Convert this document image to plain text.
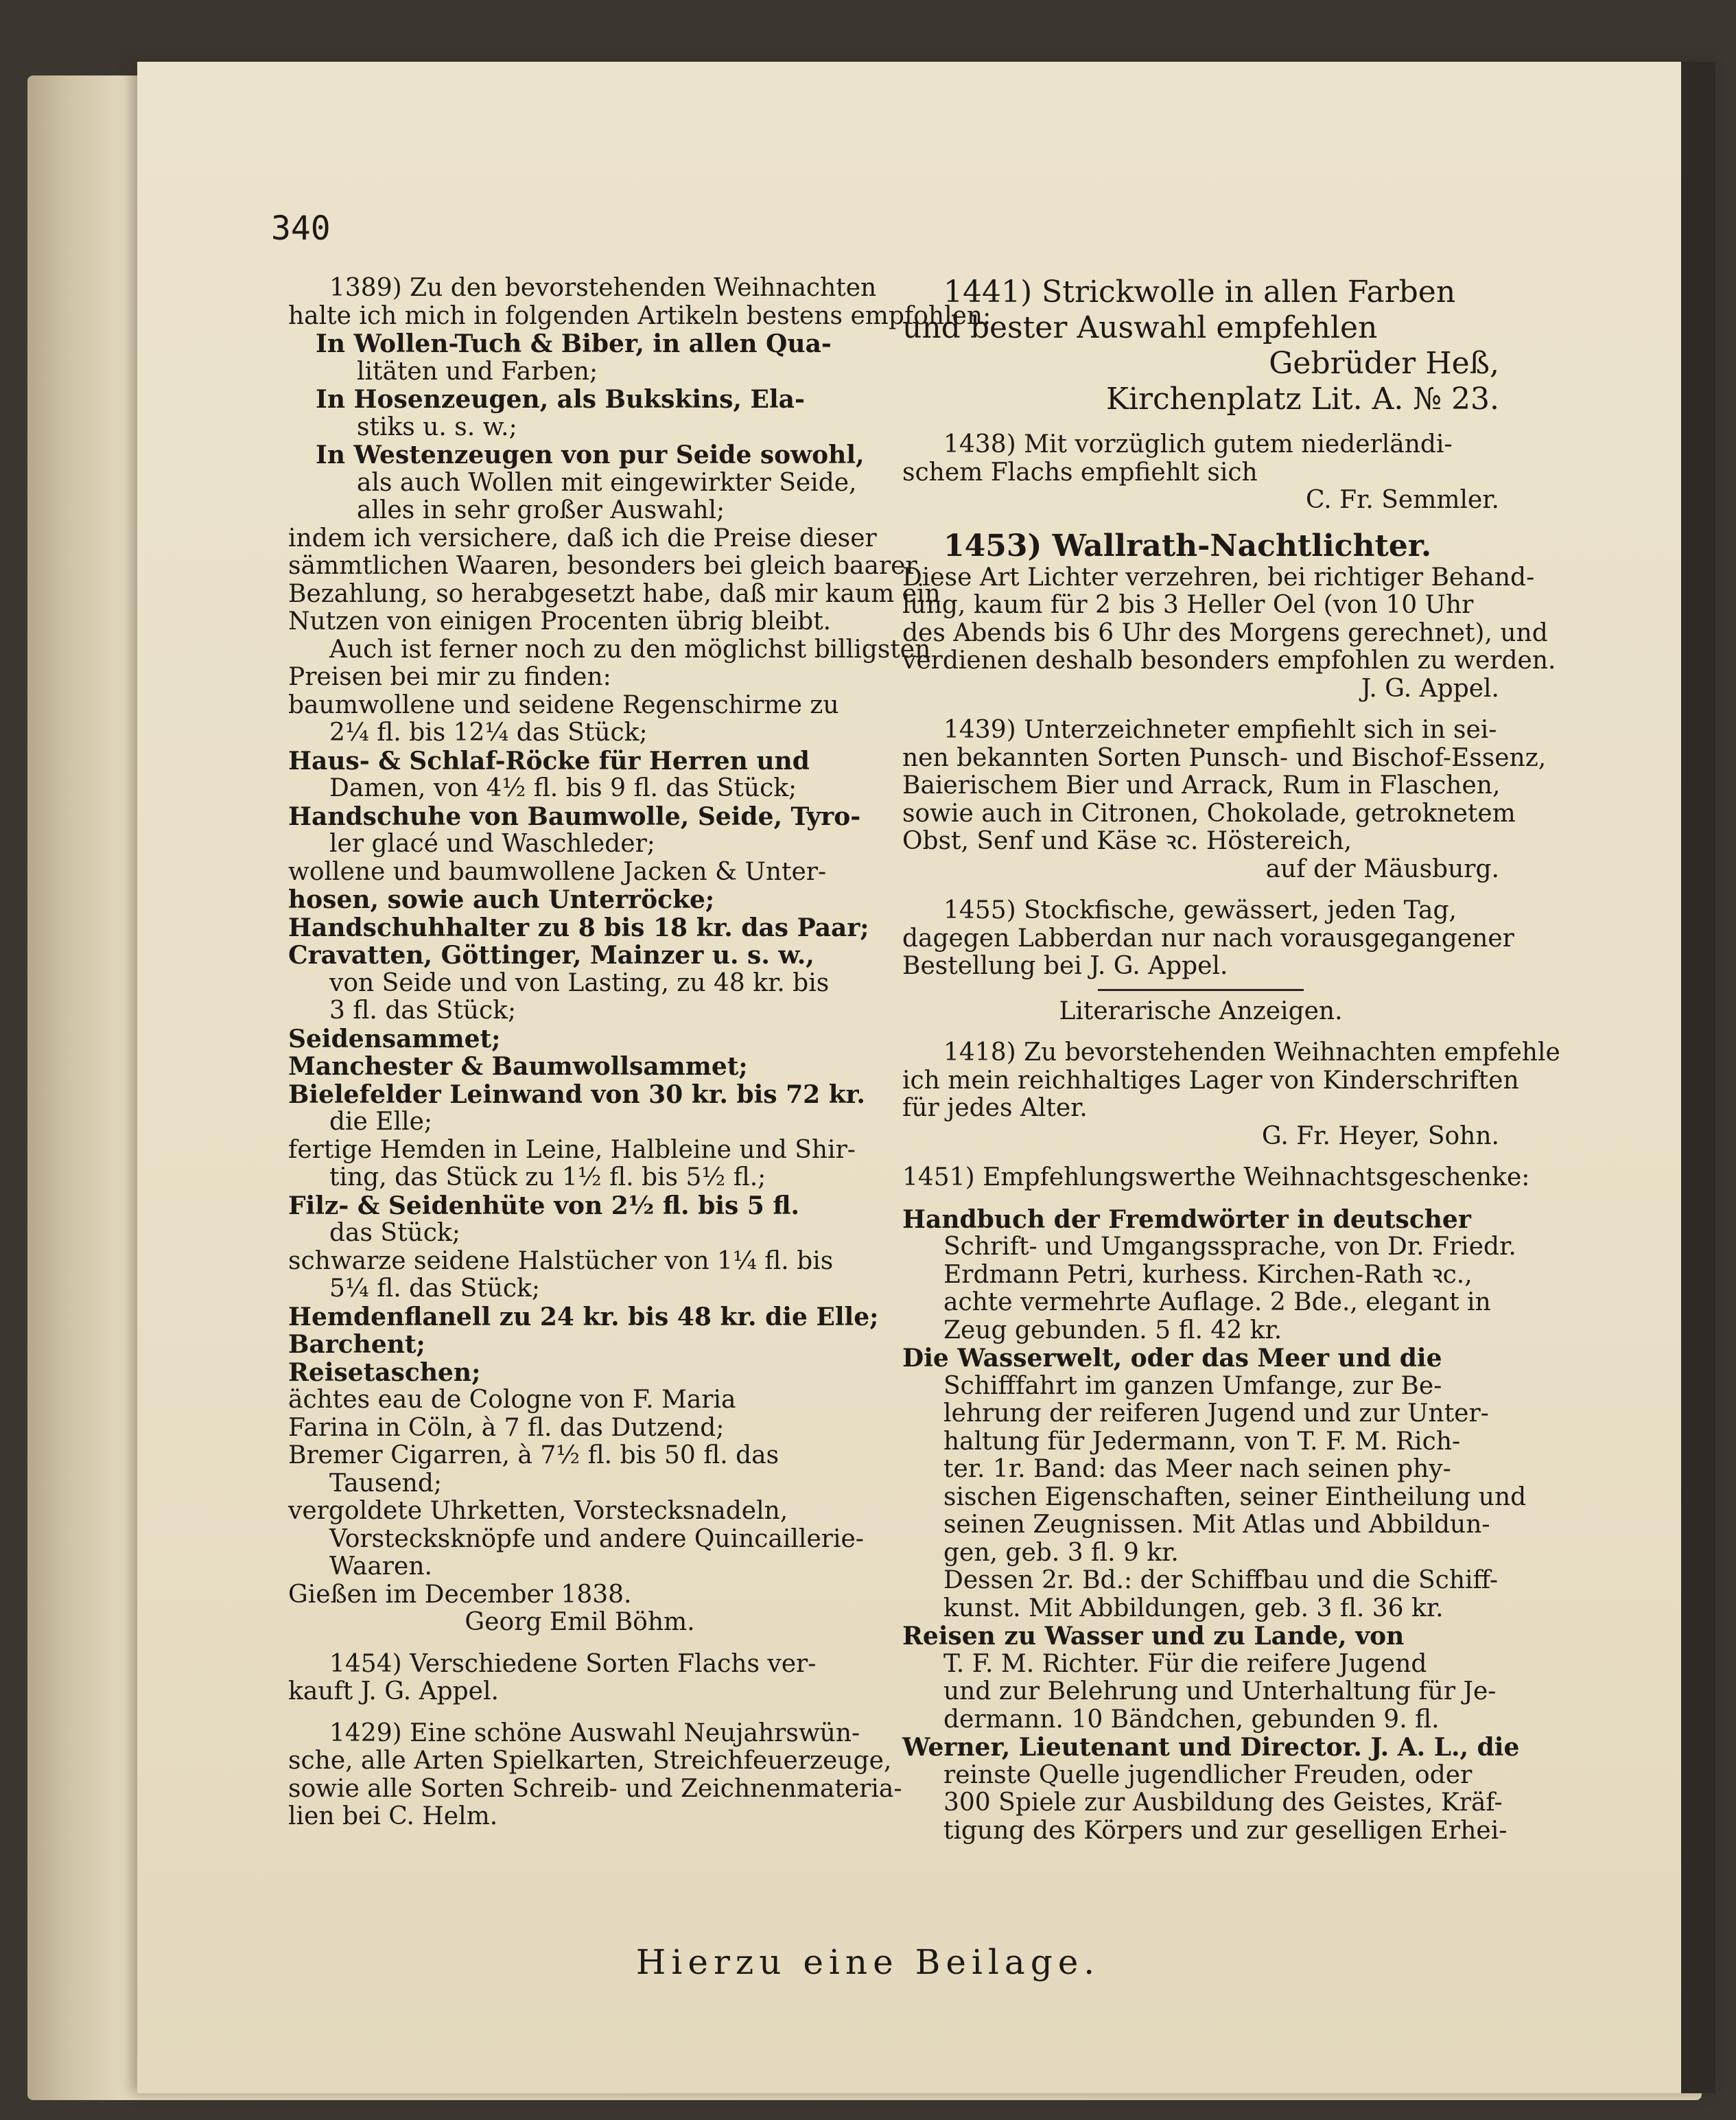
340
1389) Zu den bevorstehenden Weihnachten
halte ich mich in folgenden Artikeln bestens empfohlen:
In Wollen-Tuch & Biber, in allen Qua-
litäten und Farben;
In Hosenzeugen, als Bukskins, Ela-
stiks u. s. w.;
In Westenzeugen von pur Seide sowohl,
als auch Wollen mit eingewirkter Seide,
alles in sehr großer Auswahl;
indem ich versichere, daß ich die Preise dieser
sämmtlichen Waaren, besonders bei gleich baarer
Bezahlung, so herabgesetzt habe, daß mir kaum ein
Nutzen von einigen Procenten übrig bleibt.
Auch ist ferner noch zu den möglichst billigsten
Preisen bei mir zu finden:
baumwollene und seidene Regenschirme zu
2¼ fl. bis 12¼ das Stück;
Haus- & Schlaf-Röcke für Herren und
Damen, von 4½ fl. bis 9 fl. das Stück;
Handschuhe von Baumwolle, Seide, Tyro-
ler glacé und Waschleder;
wollene und baumwollene Jacken & Unter-
hosen, sowie auch Unterröcke;
Handschuhhalter zu 8 bis 18 kr. das Paar;
Cravatten, Göttinger, Mainzer u. s. w.,
von Seide und von Lasting, zu 48 kr. bis
3 fl. das Stück;
Seidensammet;
Manchester & Baumwollsammet;
Bielefelder Leinwand von 30 kr. bis 72 kr.
die Elle;
fertige Hemden in Leine, Halbleine und Shir-
ting, das Stück zu 1½ fl. bis 5½ fl.;
Filz- & Seidenhüte von 2½ fl. bis 5 fl.
das Stück;
schwarze seidene Halstücher von 1¼ fl. bis
5¼ fl. das Stück;
Hemdenflanell zu 24 kr. bis 48 kr. die Elle;
Barchent;
Reisetaschen;
ächtes eau de Cologne von F. Maria
Farina in Cöln, à 7 fl. das Dutzend;
Bremer Cigarren, à 7½ fl. bis 50 fl. das
Tausend;
vergoldete Uhrketten, Vorstecksnadeln,
Vorstecksknöpfe und andere Quincaillerie-
Waaren.
Gießen im December 1838.
Georg Emil Böhm.
1454) Verschiedene Sorten Flachs ver-
kauft J. G. Appel.
1429) Eine schöne Auswahl Neujahrswün-
sche, alle Arten Spielkarten, Streichfeuerzeuge,
sowie alle Sorten Schreib- und Zeichnenmateria-
lien bei C. Helm.
1441) Strickwolle in allen Farben
und bester Auswahl empfehlen
Gebrüder Heß,
Kirchenplatz Lit. A. № 23.
1438) Mit vorzüglich gutem niederländi-
schem Flachs empfiehlt sich
C. Fr. Semmler.
1453) Wallrath-Nachtlichter.
Diese Art Lichter verzehren, bei richtiger Behand-
lung, kaum für 2 bis 3 Heller Oel (von 10 Uhr
des Abends bis 6 Uhr des Morgens gerechnet), und
verdienen deshalb besonders empfohlen zu werden.
J. G. Appel.
1439) Unterzeichneter empfiehlt sich in sei-
nen bekannten Sorten Punsch- und Bischof-Essenz,
Baierischem Bier und Arrack, Rum in Flaschen,
sowie auch in Citronen, Chokolade, getroknetem
Obst, Senf und Käse ꝛc. Höstereich,
auf der Mäusburg.
1455) Stockfische, gewässert, jeden Tag,
dagegen Labberdan nur nach vorausgegangener
Bestellung bei J. G. Appel.
Literarische Anzeigen.
1418) Zu bevorstehenden Weihnachten empfehle
ich mein reichhaltiges Lager von Kinderschriften
für jedes Alter.
G. Fr. Heyer, Sohn.
1451) Empfehlungswerthe Weihnachtsgeschenke:
Handbuch der Fremdwörter in deutscher
Schrift- und Umgangssprache, von Dr. Friedr.
Erdmann Petri, kurhess. Kirchen-Rath ꝛc.,
achte vermehrte Auflage. 2 Bde., elegant in
Zeug gebunden. 5 fl. 42 kr.
Die Wasserwelt, oder das Meer und die
Schifffahrt im ganzen Umfange, zur Be-
lehrung der reiferen Jugend und zur Unter-
haltung für Jedermann, von T. F. M. Rich-
ter. 1r. Band: das Meer nach seinen phy-
sischen Eigenschaften, seiner Eintheilung und
seinen Zeugnissen. Mit Atlas und Abbildun-
gen, geb. 3 fl. 9 kr.
Dessen 2r. Bd.: der Schiffbau und die Schiff-
kunst. Mit Abbildungen, geb. 3 fl. 36 kr.
Reisen zu Wasser und zu Lande, von
T. F. M. Richter. Für die reifere Jugend
und zur Belehrung und Unterhaltung für Je-
dermann. 10 Bändchen, gebunden 9. fl.
Werner, Lieutenant und Director. J. A. L., die
reinste Quelle jugendlicher Freuden, oder
300 Spiele zur Ausbildung des Geistes, Kräf-
tigung des Körpers und zur geselligen Erhei-
Hierzu eine Beilage.
